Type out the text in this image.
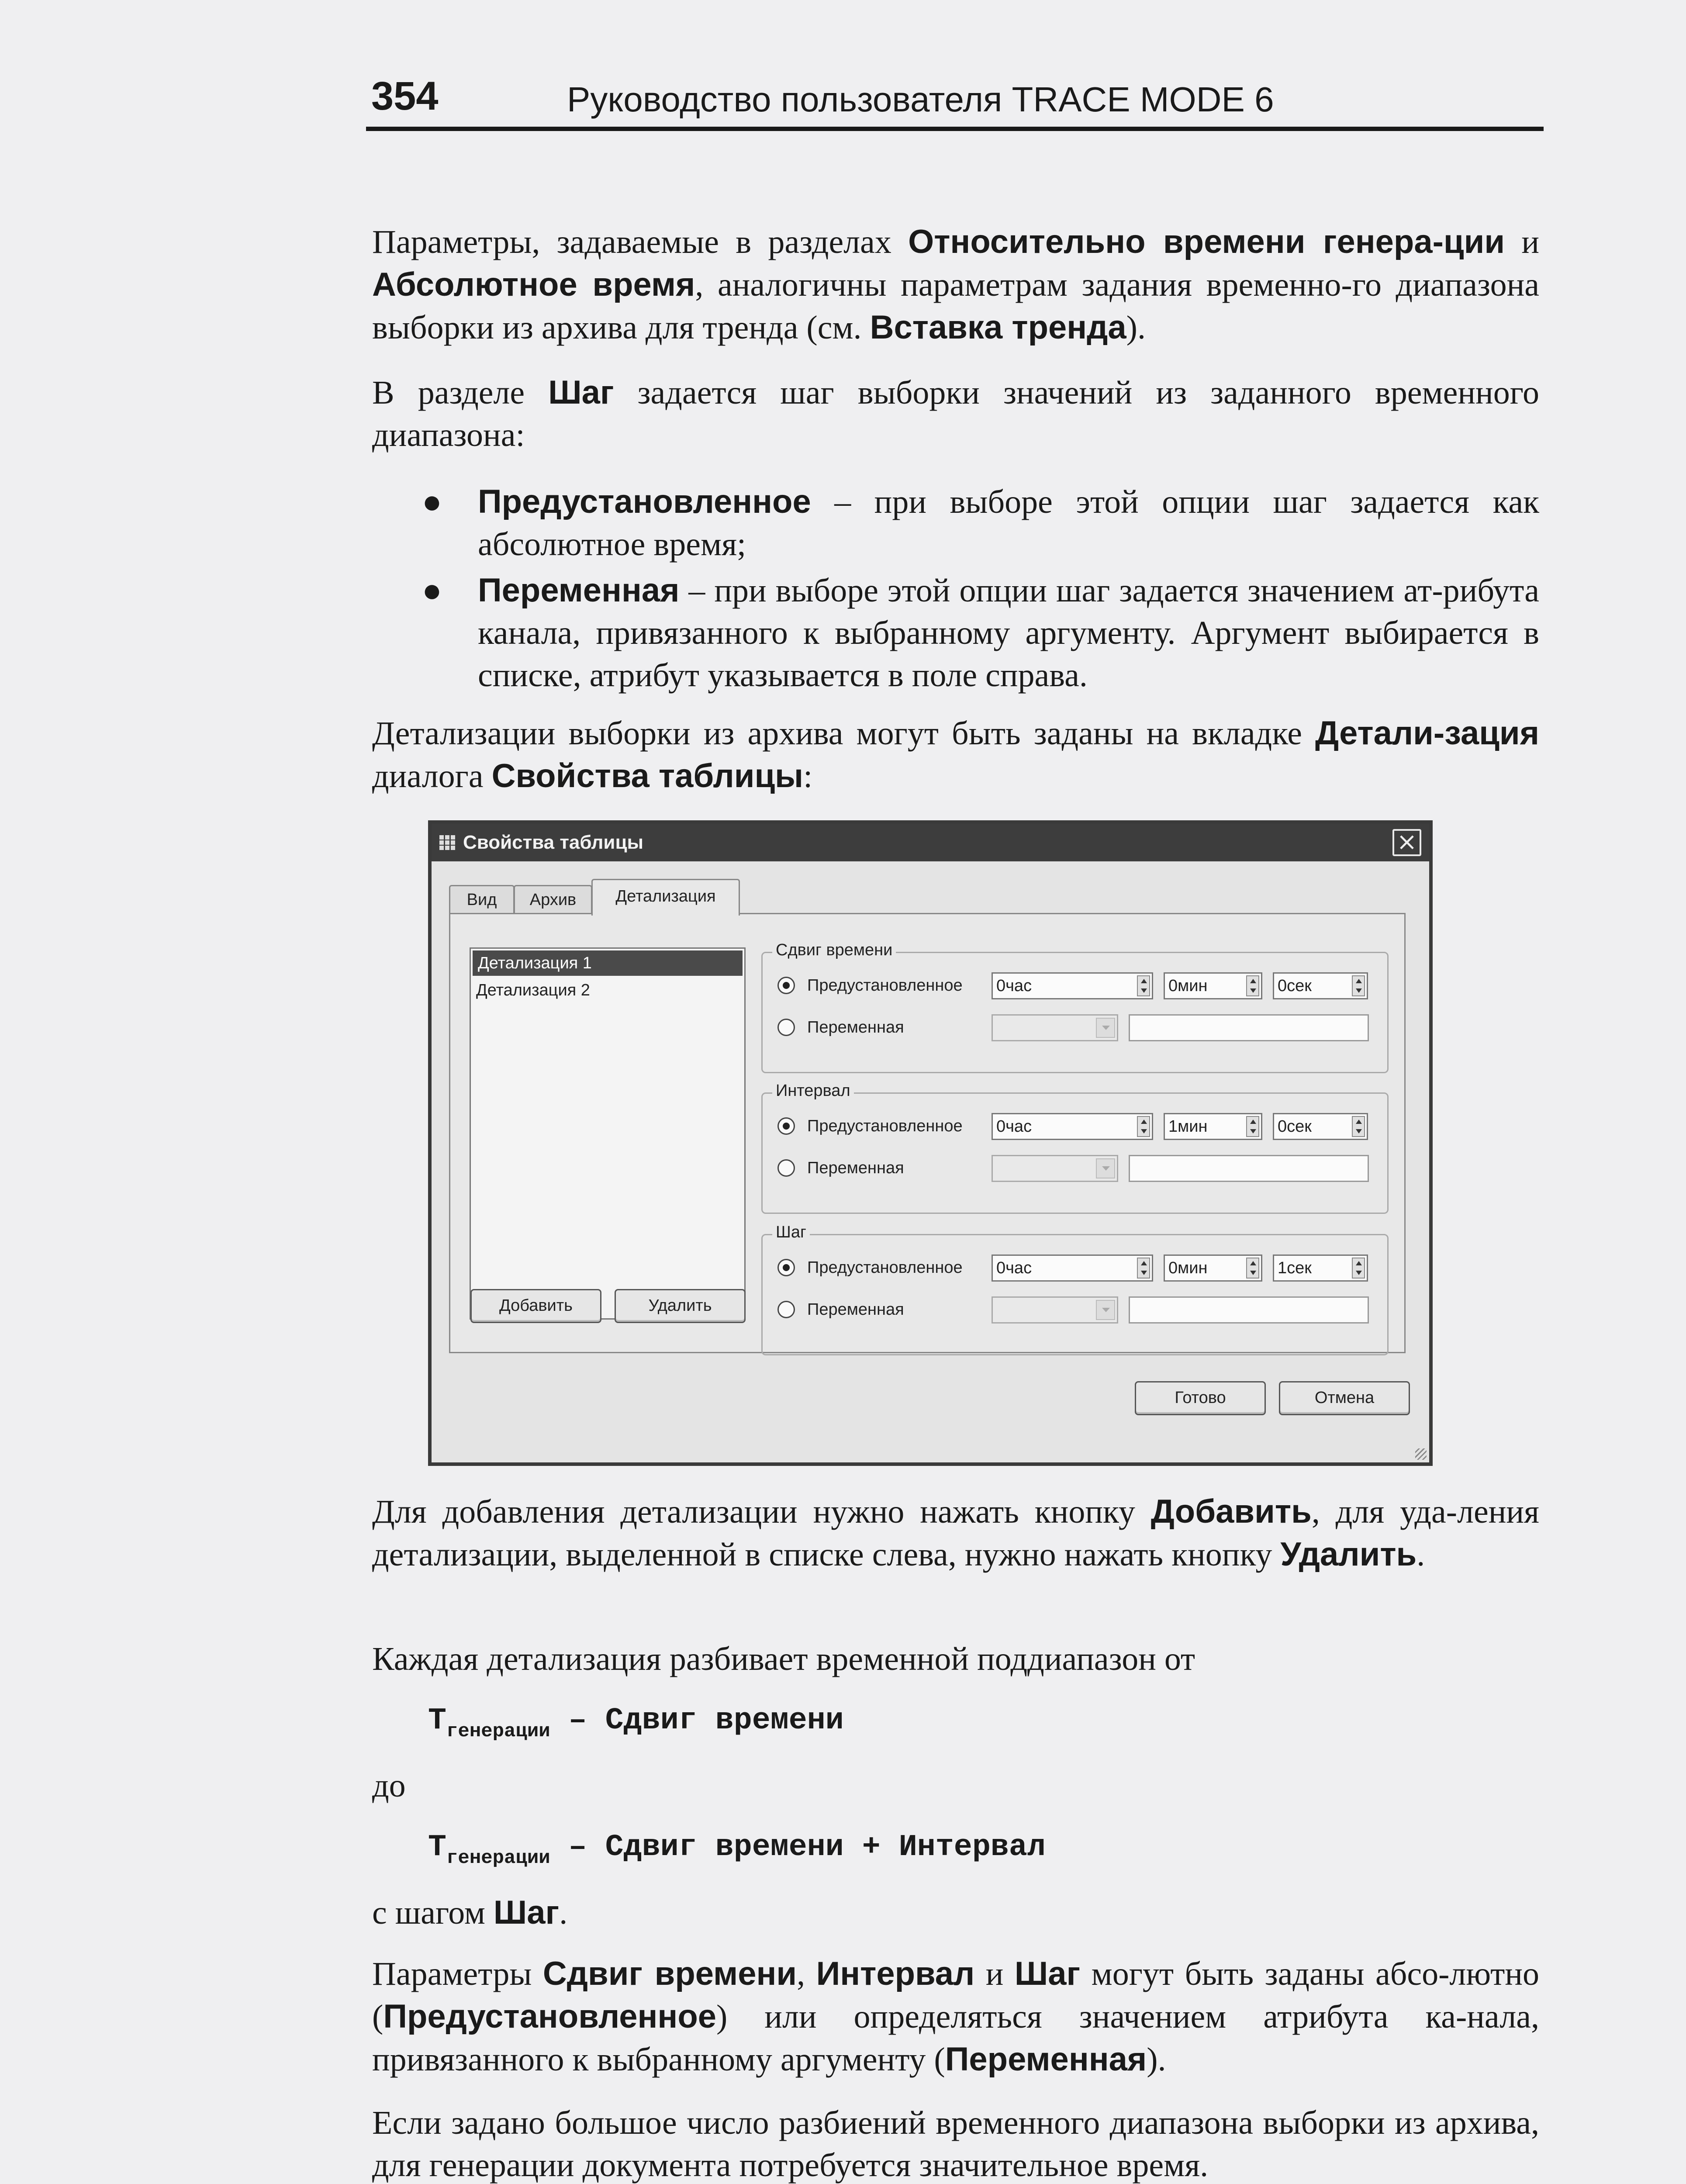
354	Руководство пользователя TRACE MODE 6

Параметры, задаваемые в разделах Относительно времени генера-ции и Абсолютное время, аналогичны параметрам задания временно-го диапазона выборки из архива для тренда (см. Вставка тренда).

В разделе Шаг задается шаг выборки значений из заданного временного диапазона:

● Предустановленное – при выборе этой опции шаг задается как абсолютное время;
● Переменная – при выборе этой опции шаг задается значением ат-рибута канала, привязанного к выбранному аргументу. Аргумент выбирается в списке, атрибут указывается в поле справа.

Детализации выборки из архива могут быть заданы на вкладке Детали-зация диалога Свойства таблицы:

Свойства таблицы	×
Вид	Архив	Детализация
Детализация 1
Детализация 2
Добавить	Удалить
Сдвиг времени
Предустановленное 0час	0мин	0сек
Переменная
Интервал
Предустановленное 0час	1мин	0сек
Переменная
Шаг
Предустановленное 0час	0мин	1сек
Переменная
Готово	Отмена

Для добавления детализации нужно нажать кнопку Добавить, для уда-ления детализации, выделенной в списке слева, нужно нажать кнопку Удалить.

Каждая детализация разбивает временной поддиапазон от

$T_{генерации}$ – Сдвиг времени

до

$T_{генерации}$ – Сдвиг времени + Интервал

с шагом Шаг.

Параметры Сдвиг времени, Интервал и Шаг могут быть заданы абсо-лютно (Предустановленное) или определяться значением атрибута ка-нала, привязанного к выбранному аргументу (Переменная).

Если задано большое число разбиений временного диапазона выборки из архива, для генерации документа потребуется значительное время.
